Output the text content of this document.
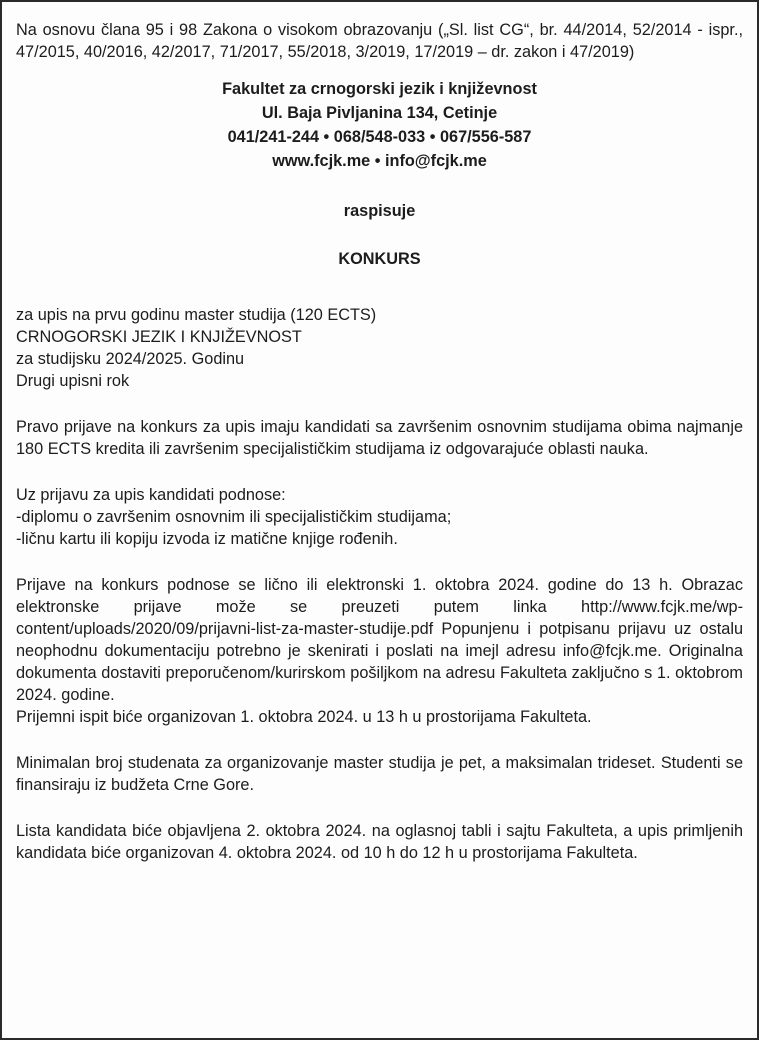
Na osnovu člana 95 i 98 Zakona o visokom obrazovanju („Sl. list CG“, br. 44/2014, 52/2014 - ispr., 47/2015, 40/2016, 42/2017, 71/2017, 55/2018, 3/2019, 17/2019 – dr. zakon i 47/2019)

Fakultet za crnogorski jezik i književnost

Ul. Baja Pivljanina 134, Cetinje

041/241-244 • 068/548-033 • 067/556-587

www.fcjk.me • info@fcjk.me

raspisuje

KONKURS

za upis na prvu godinu master studija (120 ECTS)

CRNOGORSKI JEZIK I KNJIŽEVNOST

za studijsku 2024/2025. Godinu

Drugi upisni rok

Pravo prijave na konkurs za upis imaju kandidati sa završenim osnovnim studijama obima najmanje 180 ECTS kredita ili završenim specijalističkim studijama iz odgovarajuće oblasti nauka.

Uz prijavu za upis kandidati podnose:

-diplomu o završenim osnovnim ili specijalističkim studijama;

-ličnu kartu ili kopiju izvoda iz matične knjige rođenih.

Prijave na konkurs podnose se lično ili elektronski 1. oktobra 2024. godine do 13 h. Obrazac elektronske prijave može se preuzeti putem linka http://www.fcjk.me/wp-content/uploads/2020/09/prijavni-list-za-master-studije.pdf Popunjenu i potpisanu prijavu uz ostalu neophodnu dokumentaciju potrebno je skenirati i poslati na imejl adresu info@fcjk.me. Originalna dokumenta dostaviti preporučenom/kurirskom pošiljkom na adresu Fakulteta zaključno s 1. oktobrom 2024. godine.

Prijemni ispit biće organizovan 1. oktobra 2024. u 13 h u prostorijama Fakulteta.

Minimalan broj studenata za organizovanje master studija je pet, a maksimalan trideset. Studenti se finansiraju iz budžeta Crne Gore.

Lista kandidata biće objavljena 2. oktobra 2024. na oglasnoj tabli i sajtu Fakulteta, a upis primljenih kandidata biće organizovan 4. oktobra 2024. od 10 h do 12 h u prostorijama Fakulteta.
